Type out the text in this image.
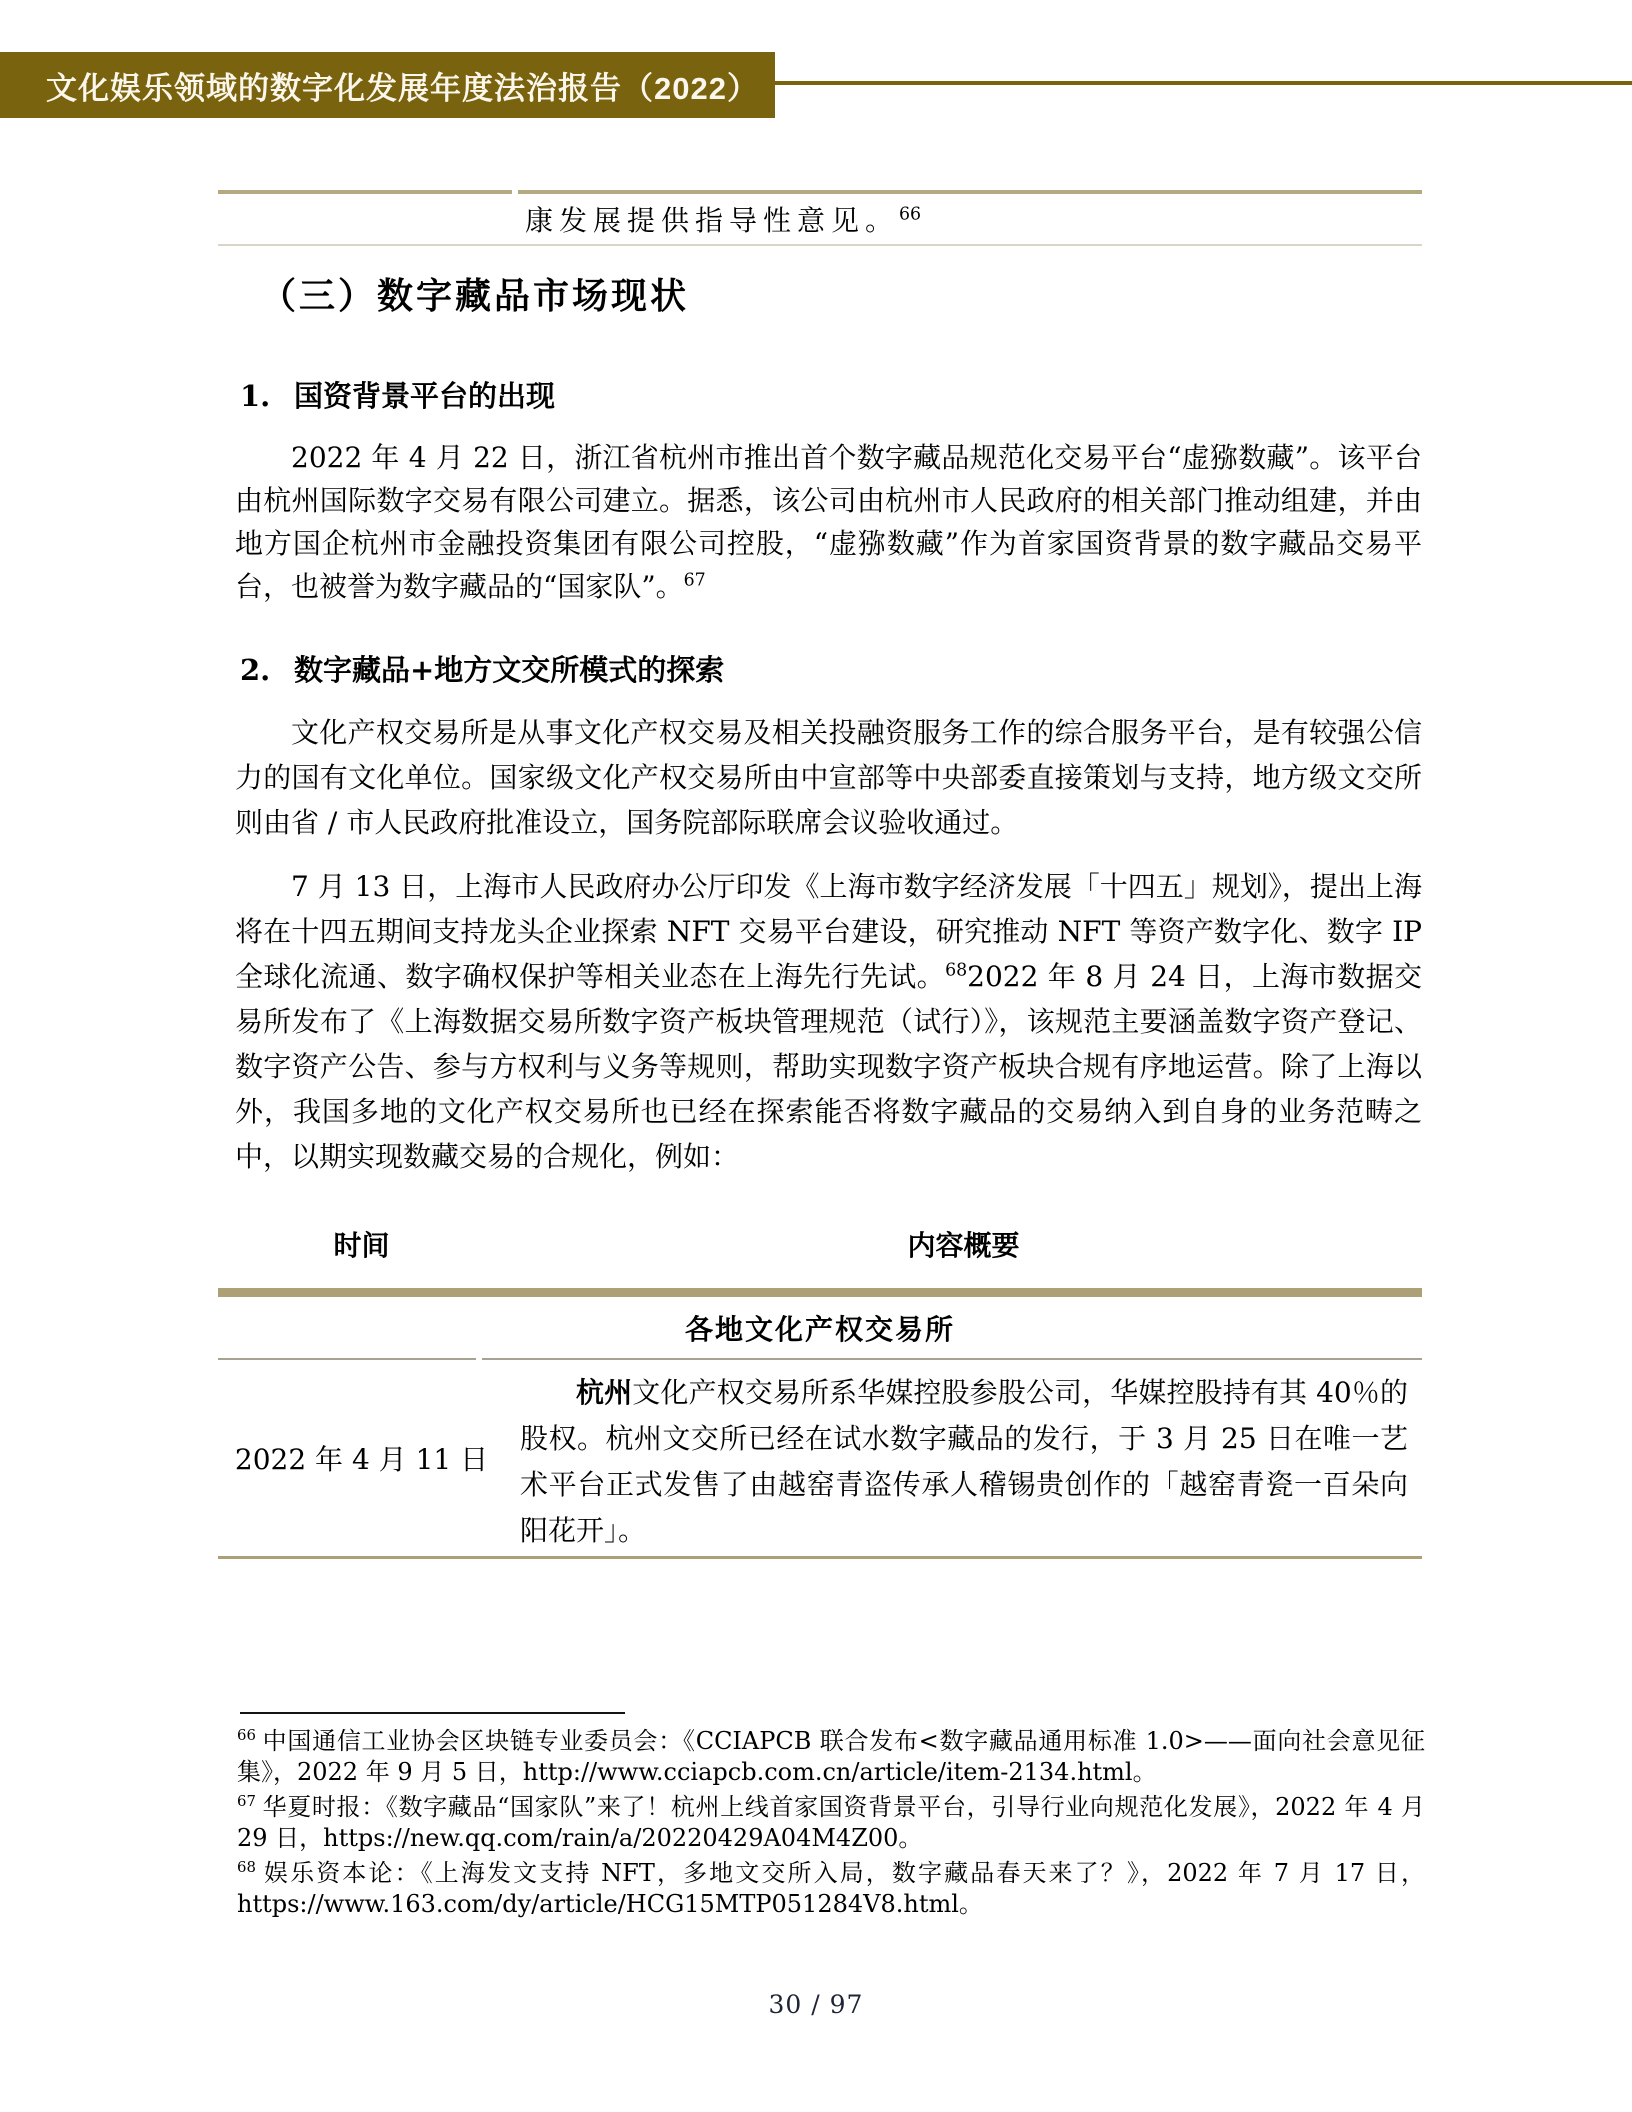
文化娱乐领域的数字化发展年度法治报告（2022）
康发展提供指导性意见。$^{66}$
（三）数字藏品市场现状
1. 国资背景平台的出现

2022 年 4 月 22 日，浙江省杭州市推出首个数字藏品规范化交易平台“虚猕数藏”。该平台由杭州国际数字交易有限公司建立。据悉，该公司由杭州市人民政府的相关部门推动组建，并由地方国企杭州市金融投资集团有限公司控股，“虚猕数藏”作为首家国资背景的数字藏品交易平台，也被誉为数字藏品的“国家队”。$^{67}$

2. 数字藏品+地方文交所模式的探索

文化产权交易所是从事文化产权交易及相关投融资服务工作的综合服务平台，是有较强公信力的国有文化单位。国家级文化产权交易所由中宣部等中央部委直接策划与支持，地方级文交所则由省 / 市人民政府批准设立，国务院部际联席会议验收通过。

7 月 13 日，上海市人民政府办公厅印发《上海市数字经济发展「十四五」规划》，提出上海将在十四五期间支持龙头企业探索 NFT 交易平台建设，研究推动 NFT 等资产数字化、数字 IP 全球化流通、数字确权保护等相关业态在上海先行先试。$^{68}$2022 年 8 月 24 日，上海市数据交易所发布了《上海数据交易所数字资产板块管理规范（试行）》，该规范主要涵盖数字资产登记、数字资产公告、参与方权利与义务等规则，帮助实现数字资产板块合规有序地运营。除了上海以外，我国多地的文化产权交易所也已经在探索能否将数字藏品的交易纳入到自身的业务范畴之中，以期实现数藏交易的合规化，例如：

时间	内容概要
各地文化产权交易所
2022 年 4 月 11 日

杭州文化产权交易所系华媒控股参股公司，华媒控股持有其 40％的股权。杭州文交所已经在试水数字藏品的发行，于 3 月 25 日在唯一艺术平台正式发售了由越窑青盗传承人稽锡贵创作的「越窑青瓷一百朵向阳花开」。

$^{66}$ 中国通信工业协会区块链专业委员会：《CCIAPCB 联合发布<数字藏品通用标准 1.0>——面向社会意见征集》，2022 年 9 月 5 日，http://www.cciapcb.com.cn/article/item-2134.html。

$^{67}$ 华夏时报：《数字藏品“国家队”来了！杭州上线首家国资背景平台，引导行业向规范化发展》，2022 年 4 月 29 日，https://new.qq.com/rain/a/20220429A04M4Z00。

$^{68}$ 娱乐资本论：《上海发文支持 NFT，多地文交所入局，数字藏品春天来了？》，2022 年 7 月 17 日，https://www.163.com/dy/article/HCG15MTP051284V8.html。

30 / 97
